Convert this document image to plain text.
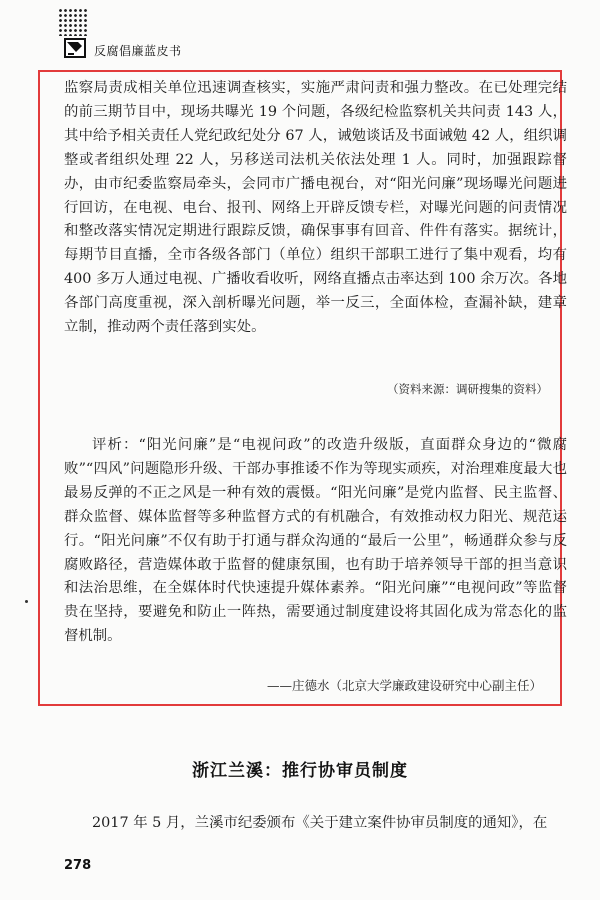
反腐倡廉蓝皮书

监察局责成相关单位迅速调查核实，实施严肃问责和强力整改。在已处理完结的前三期节目中，现场共曝光 19 个问题，各级纪检监察机关共问责 143 人，其中给予相关责任人党纪政纪处分 67 人，诫勉谈话及书面诫勉 42 人，组织调整或者组织处理 22 人，另移送司法机关依法处理 1 人。同时，加强跟踪督办，由市纪委监察局牵头，会同市广播电视台，对“阳光问廉”现场曝光问题进行回访，在电视、电台、报刊、网络上开辟反馈专栏，对曝光问题的问责情况和整改落实情况定期进行跟踪反馈，确保事事有回音、件件有落实。据统计，每期节目直播，全市各级各部门（单位）组织干部职工进行了集中观看，均有 400 多万人通过电视、广播收看收听，网络直播点击率达到 100 余万次。各地各部门高度重视，深入剖析曝光问题，举一反三，全面体检，查漏补缺，建章立制，推动两个责任落到实处。

（资料来源：调研搜集的资料）

评析：“阳光问廉”是“电视问政”的改造升级版，直面群众身边的“微腐败”“四风”问题隐形升级、干部办事推诿不作为等现实顽疾，对治理难度最大也最易反弹的不正之风是一种有效的震慑。“阳光问廉”是党内监督、民主监督、群众监督、媒体监督等多种监督方式的有机融合，有效推动权力阳光、规范运行。“阳光问廉”不仅有助于打通与群众沟通的“最后一公里”，畅通群众参与反腐败路径，营造媒体敢于监督的健康氛围，也有助于培养领导干部的担当意识和法治思维，在全媒体时代快速提升媒体素养。“阳光问廉”“电视问政”等监督贵在坚持，要避免和防止一阵热，需要通过制度建设将其固化成为常态化的监督机制。

——庄德水（北京大学廉政建设研究中心副主任）
浙江兰溪：推行协审员制度

2017 年 5 月，兰溪市纪委颁布《关于建立案件协审员制度的通知》，在

278
